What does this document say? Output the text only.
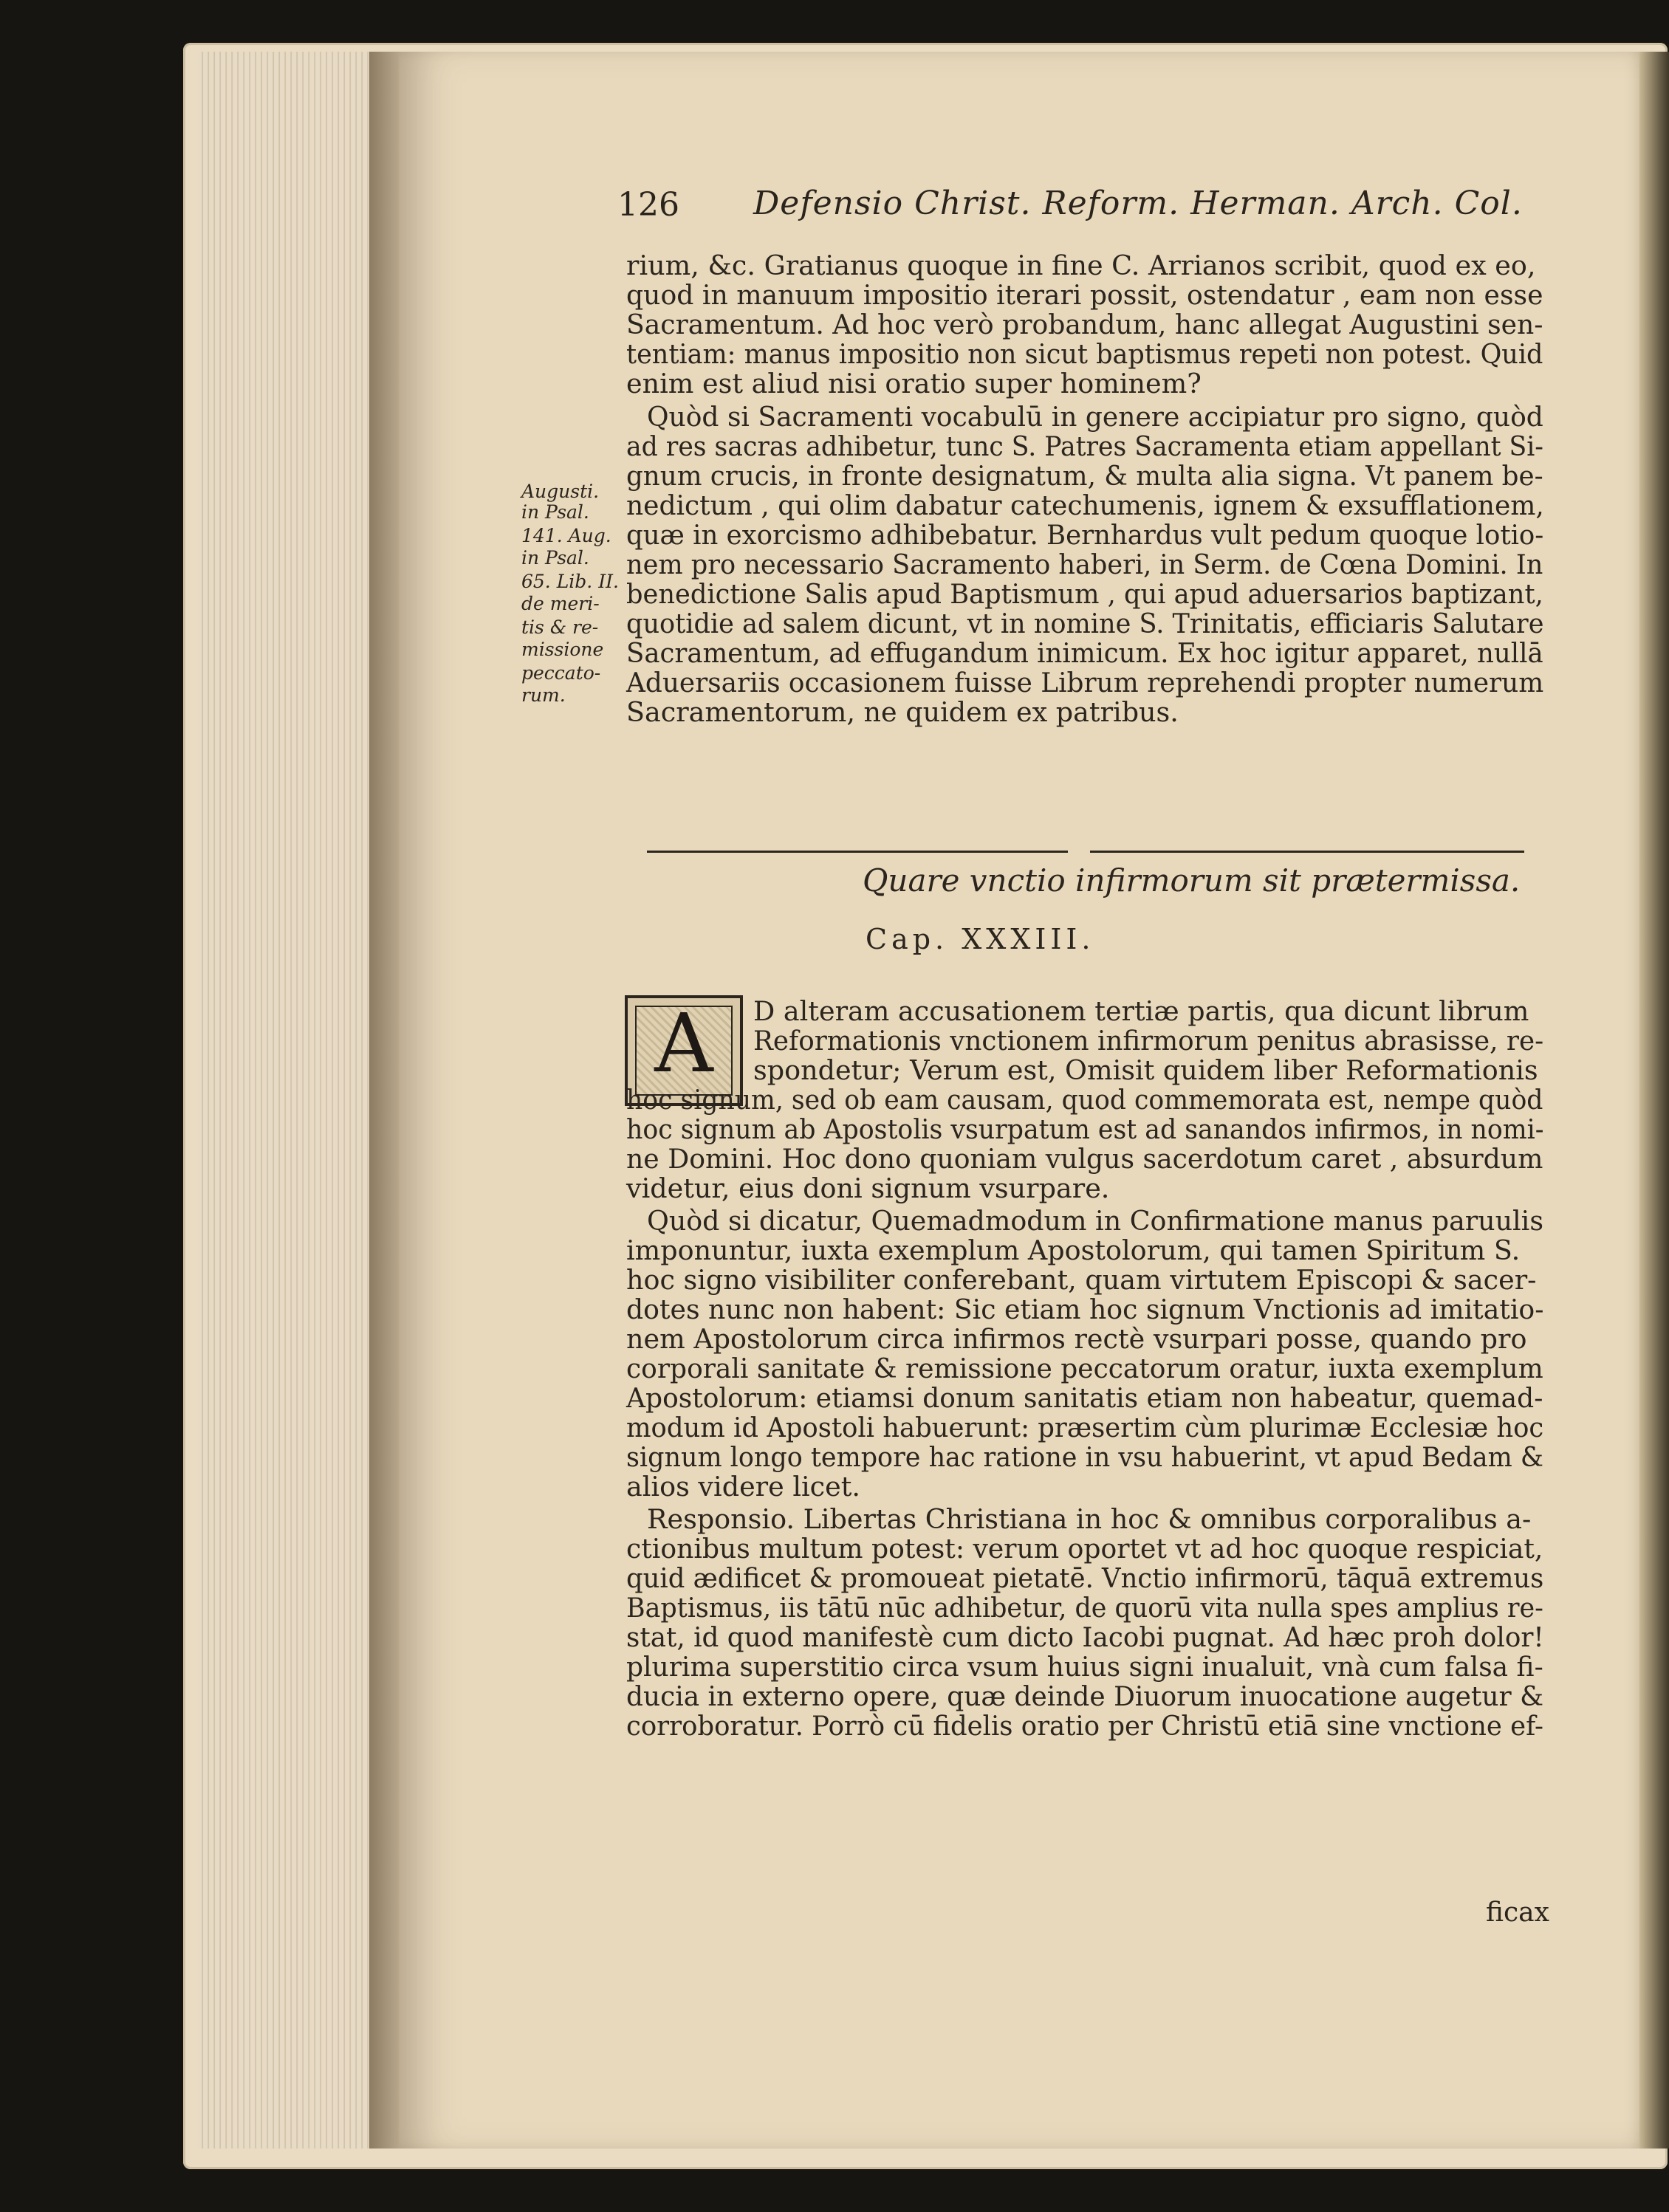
126 Defensio Christ. Reform. Herman. Arch. Col.
rium, &c. Gratianus quoque in fine C. Arrianos scribit, quod ex eo,
quod in manuum impositio iterari possit, ostendatur , eam non esse
Sacramentum. Ad hoc verò probandum, hanc allegat Augustini sen-
tentiam: manus impositio non sicut baptismus repeti non potest. Quid
enim est aliud nisi oratio super hominem?
Quòd si Sacramenti vocabulū in genere accipiatur pro signo, quòd
ad res sacras adhibetur, tunc S. Patres Sacramenta etiam appellant Si-
gnum crucis, in fronte designatum, & multa alia signa. Vt panem be-
nedictum , qui olim dabatur catechumenis, ignem & exsufflationem,
quæ in exorcismo adhibebatur. Bernhardus vult pedum quoque lotio-
nem pro necessario Sacramento haberi, in Serm. de Cœna Domini. In
benedictione Salis apud Baptismum , qui apud aduersarios baptizant,
quotidie ad salem dicunt, vt in nomine S. Trinitatis, efficiaris Salutare
Sacramentum, ad effugandum inimicum. Ex hoc igitur apparet, nullā
Aduersariis occasionem fuisse Librum reprehendi propter numerum
Sacramentorum, ne quidem ex patribus.
Augusti.
in Psal.
141. Aug.
in Psal.
65. Lib. II.
de meri-
tis & re-
missione
peccato-
rum.
Quare vnctio infirmorum sit prætermissa.
Cap. XXXIII.
A	D alteram accusationem tertiæ partis, qua dicunt librum
Reformationis vnctionem infirmorum penitus abrasisse, re-
spondetur; Verum est, Omisit quidem liber Reformationis
hoc signum, sed ob eam causam, quod commemorata est, nempe quòd
hoc signum ab Apostolis vsurpatum est ad sanandos infirmos, in nomi-
ne Domini. Hoc dono quoniam vulgus sacerdotum caret , absurdum
videtur, eius doni signum vsurpare.
Quòd si dicatur, Quemadmodum in Confirmatione manus paruulis
imponuntur, iuxta exemplum Apostolorum, qui tamen Spiritum S.
hoc signo visibiliter conferebant, quam virtutem Episcopi & sacer-
dotes nunc non habent: Sic etiam hoc signum Vnctionis ad imitatio-
nem Apostolorum circa infirmos rectè vsurpari posse, quando pro
corporali sanitate & remissione peccatorum oratur, iuxta exemplum
Apostolorum: etiamsi donum sanitatis etiam non habeatur, quemad-
modum id Apostoli habuerunt: præsertim cùm plurimæ Ecclesiæ hoc
signum longo tempore hac ratione in vsu habuerint, vt apud Bedam &
alios videre licet.
Responsio. Libertas Christiana in hoc & omnibus corporalibus a-
ctionibus multum potest: verum oportet vt ad hoc quoque respiciat,
quid ædificet & promoueat pietatē. Vnctio infirmorū, tāquā extremus
Baptismus, iis tātū nūc adhibetur, de quorū vita nulla spes amplius re-
stat, id quod manifestè cum dicto Iacobi pugnat. Ad hæc proh dolor!
plurima superstitio circa vsum huius signi inualuit, vnà cum falsa fi-
ducia in externo opere, quæ deinde Diuorum inuocatione augetur &
corroboratur. Porrò cū fidelis oratio per Christū etiā sine vnctione ef-
ficax
